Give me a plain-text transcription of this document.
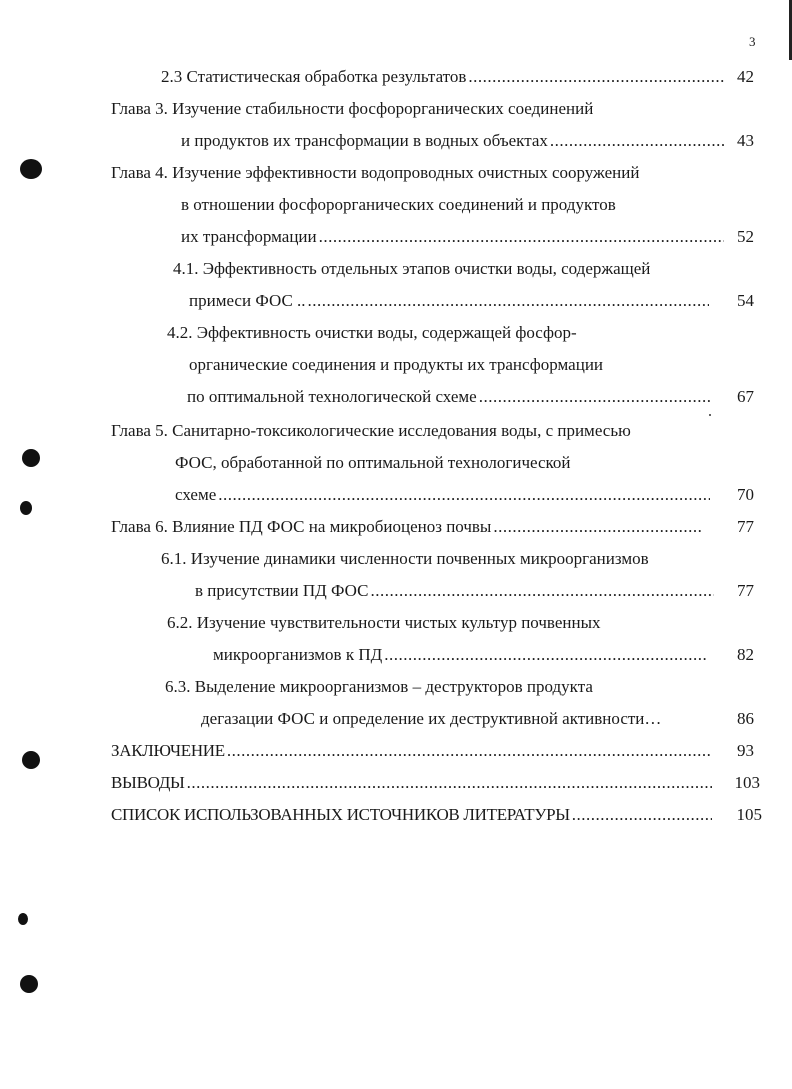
3
2.3 Статистическая обработка результатов .....	42
Глава 3. Изучение стабильности фосфорорганических соединений
и продуктов их трансформации в водных объектах .....	43
Глава 4. Изучение эффективности водопроводных очистных сооружений
в отношении фосфорорганических соединений и продуктов
их трансформации .....	52
4.1. Эффективность отдельных этапов очистки воды, содержащей
примеси ФОС .. .....	54
4.2. Эффективность очистки воды, содержащей фосфор-
органические соединения и продукты их трансформации
по оптимальной технологической схеме .....	67
Глава 5. Санитарно-токсикологические исследования воды, с примесью
ФОС, обработанной по оптимальной технологической
схеме .....	70
Глава 6. Влияние ПД ФОС на микробиоценоз почвы .....	77
6.1. Изучение динамики численности почвенных микроорганизмов
в присутствии ПД ФОС .....	77
6.2. Изучение чувствительности чистых культур почвенных
микроорганизмов к ПД .....	82
6.3. Выделение микроорганизмов – деструкторов продукта
дегазации ФОС и определение их деструктивной активности…	86
ЗАКЛЮЧЕНИЕ .....	93
ВЫВОДЫ .....	103
СПИСОК ИСПОЛЬЗОВАННЫХ ИСТОЧНИКОВ ЛИТЕРАТУРЫ .....	105
